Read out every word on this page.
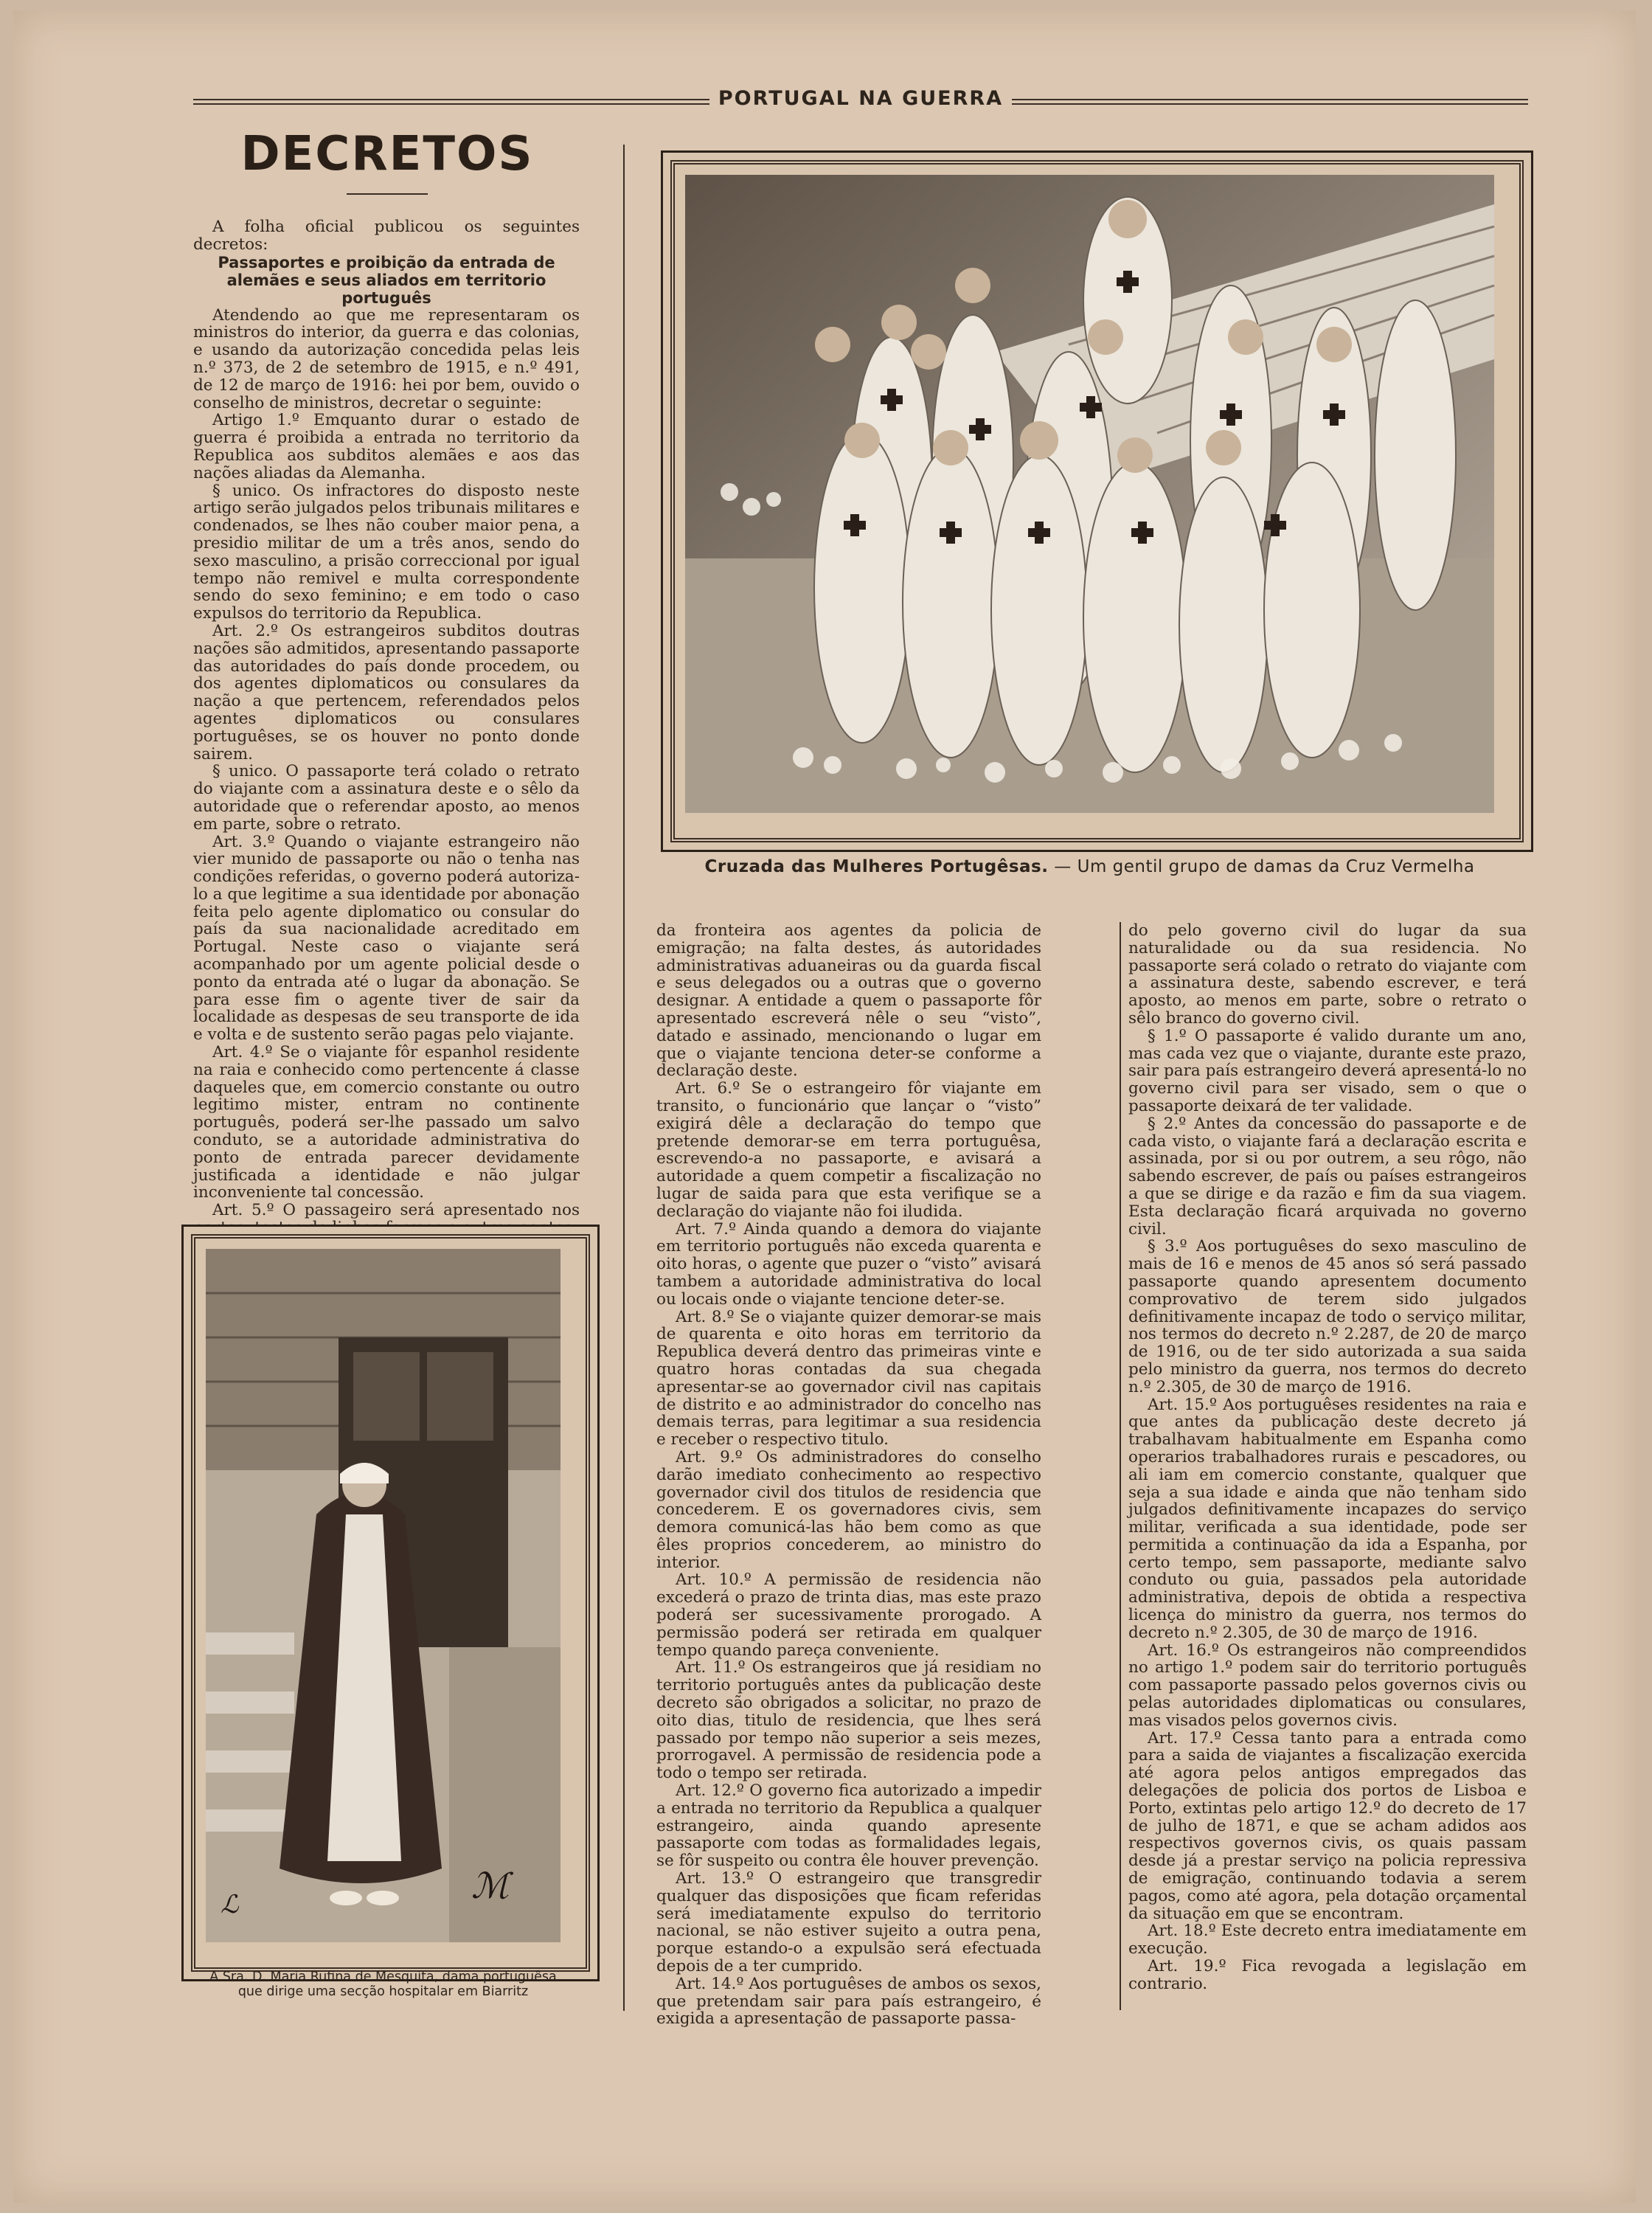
PORTUGAL NA GUERRA
DECRETOS

A folha oficial publicou os seguintes decretos:

Passaportes e proibição da entrada de alemães e seus aliados em territorio português

Atendendo ao que me representaram os ministros do interior, da guerra e das colonias, e usando da autorização concedida pelas leis n.º 373, de 2 de setembro de 1915, e n.º 491, de 12 de março de 1916: hei por bem, ouvido o conselho de ministros, decretar o seguinte:

Artigo 1.º Emquanto durar o estado de guerra é proibida a entrada no territorio da Republica aos subditos alemães e aos das nações aliadas da Alemanha.

§ unico. Os infractores do disposto neste artigo serão julgados pelos tribunais militares e condenados, se lhes não couber maior pena, a presidio militar de um a três anos, sendo do sexo masculino, a prisão correccional por igual tempo não remivel e multa correspondente sendo do sexo feminino; e em todo o caso expulsos do territorio da Republica.

Art. 2.º Os estrangeiros subditos doutras nações são admitidos, apresentando passaporte das autoridades do país donde procedem, ou dos agentes diplomaticos ou consulares da nação a que pertencem, referendados pelos agentes diplomaticos ou consulares portuguêses, se os houver no ponto donde sairem.

§ unico. O passaporte terá colado o retrato do viajante com a assinatura deste e o sêlo da autoridade que o referendar aposto, ao menos em parte, sobre o retrato.

Art. 3.º Quando o viajante estrangeiro não vier munido de passaporte ou não o tenha nas condições referidas, o governo poderá autoriza-lo a que legitime a sua identidade por abonação feita pelo agente diplomatico ou consular do país da sua nacionalidade acreditado em Portugal. Neste caso o viajante será acompanhado por um agente policial desde o ponto da entrada até o lugar da abonação. Se para esse fim o agente tiver de sair da localidade as despesas de seu transporte de ida e volta e de sustento serão pagas pelo viajante.

Art. 4.º Se o viajante fôr espanhol residente na raia e conhecido como pertencente á classe daqueles que, em comercio constante ou outro legitimo mister, entram no continente português, poderá ser-lhe passado um salvo conduto, se a autoridade administrativa do ponto de entrada parecer devidamente justificada a identidade e não julgar inconveniente tal concessão.

Art. 5.º O passageiro será apresentado nos

da fronteira aos agentes da policia de emigração; na falta destes, ás autoridades administrativas aduaneiras ou da guarda fiscal e seus delegados ou a outras que o governo designar. A entidade a quem o passaporte fôr apresentado escreverá nêle o seu “visto”, datado e assinado, mencionando o lugar em que o viajante tenciona deter-se conforme a declaração deste.

Art. 6.º Se o estrangeiro fôr viajante em transito, o funcionário que lançar o “visto” exigirá dêle a declaração do tempo que pretende demorar-se em terra portuguêsa, escrevendo-a no passaporte, e avisará a autoridade a quem competir a fiscalização no lugar de saida para que esta verifique se a declaração do viajante não foi iludida.

Art. 7.º Ainda quando a demora do viajante em territorio português não exceda quarenta e oito horas, o agente que puzer o “visto” avisará tambem a autoridade administrativa do local ou locais onde o viajante tencione deter-se.

Art. 8.º Se o viajante quizer demorar-se mais de quarenta e oito horas em territorio da Republica deverá dentro das primeiras vinte e quatro horas contadas da sua chegada apresentar-se ao governador civil nas capitais de distrito e ao administrador do concelho nas demais terras, para legitimar a sua residencia e receber o respectivo titulo.

Art. 9.º Os administradores do conselho darão imediato conhecimento ao respectivo governador civil dos titulos de residencia que concederem. E os governadores civis, sem demora comunicá-las hão bem como as que êles proprios concederem, ao ministro do interior.

Art. 10.º A permissão de residencia não excederá o prazo de trinta dias, mas este prazo poderá ser sucessivamente prorogado. A permissão poderá ser retirada em qualquer tempo quando pareça conveniente.

Art. 11.º Os estrangeiros que já residiam no territorio português antes da publicação deste decreto são obrigados a solicitar, no prazo de oito dias, titulo de residencia, que lhes será passado por tempo não superior a seis mezes, prorrogavel. A permissão de residencia pode a todo o tempo ser retirada.

Art. 12.º O governo fica autorizado a impedir a entrada no territorio da Republica a qualquer estrangeiro, ainda quando apresente passaporte com todas as formalidades legais, se fôr suspeito ou contra êle houver prevenção.

Art. 13.º O estrangeiro que transgredir qualquer das disposições que ficam referidas será imediatamente expulso do territorio nacional, se não estiver sujeito a outra pena, porque estando-o a expulsão será efectuada depois de a ter cumprido.

Art. 14.º Aos portuguêses de ambos os sexos, que pretendam sair para país estrangeiro, é exigida a apresentação de passaporte passa-

do pelo governo civil do lugar da sua naturalidade ou da sua residencia. No passaporte será colado o retrato do viajante com a assinatura deste, sabendo escrever, e terá aposto, ao menos em parte, sobre o retrato o sêlo branco do governo civil.

§ 1.º O passaporte é valido durante um ano, mas cada vez que o viajante, durante este prazo, sair para país estrangeiro deverá apresentá-lo no governo civil para ser visado, sem o que o passaporte deixará de ter validade.

§ 2.º Antes da concessão do passaporte e de cada visto, o viajante fará a declaração escrita e assinada, por si ou por outrem, a seu rôgo, não sabendo escrever, de país ou países estrangeiros a que se dirige e da razão e fim da sua viagem. Esta declaração ficará arquivada no governo civil.

§ 3.º Aos portuguêses do sexo masculino de mais de 16 e menos de 45 anos só será passado passaporte quando apresentem documento comprovativo de terem sido julgados definitivamente incapaz de todo o serviço militar, nos termos do decreto n.º 2.287, de 20 de março de 1916, ou de ter sido autorizada a sua saida pelo ministro da guerra, nos termos do decreto n.º 2.305, de 30 de março de 1916.

Art. 15.º Aos portuguêses residentes na raia e que antes da publicação deste decreto já trabalhavam habitualmente em Espanha como operarios trabalhadores rurais e pescadores, ou ali iam em comercio constante, qualquer que seja a sua idade e ainda que não tenham sido julgados definitivamente incapazes do serviço militar, verificada a sua identidade, pode ser permitida a continuação da ida a Espanha, por certo tempo, sem passaporte, mediante salvo conduto ou guia, passados pela autoridade administrativa, depois de obtida a respectiva licença do ministro da guerra, nos termos do decreto n.º 2.305, de 30 de março de 1916.

Art. 16.º Os estrangeiros não compreendidos no artigo 1.º podem sair do territorio português com passaporte passado pelos governos civis ou pelas autoridades diplomaticas ou consulares, mas visados pelos governos civis.

Art. 17.º Cessa tanto para a entrada como para a saida de viajantes a fiscalização exercida até agora pelos antigos empregados das delegações de policia dos portos de Lisboa e Porto, extintas pelo artigo 12.º do decreto de 17 de julho de 1871, e que se acham adidos aos respectivos governos civis, os quais passam desde já a prestar serviço na policia repressiva de emigração, continuando todavia a serem pagos, como até agora, pela dotação orçamental da situação em que se encontram.

Art. 18.º Este decreto entra imediatamente em execução.

Art. 19.º Fica revogada a legislação em contrario.

Cruzada das Mulheres Portugêsas. — Um gentil grupo de damas da Cruz Vermelha
ℒ	ℳ
A Sra. D. Maria Rufina de Mesquita, dama portuguêsa
que dirige uma secção hospitalar em Biarritz
